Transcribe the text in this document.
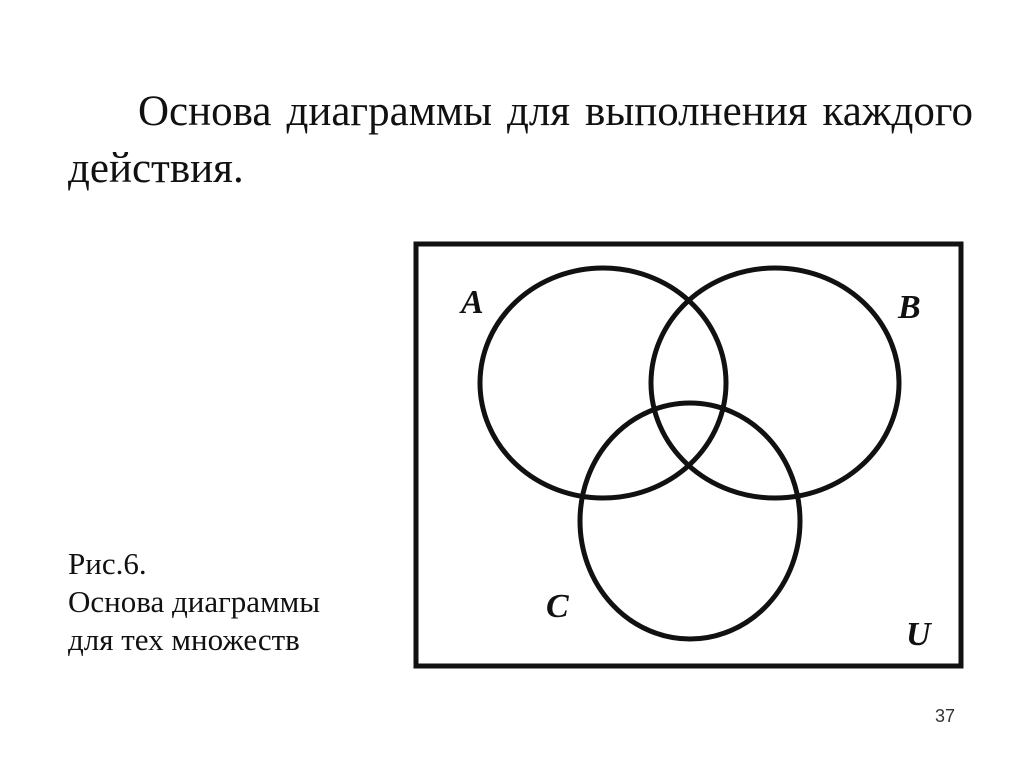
Основа диаграммы для выполнения каждого действия.
Рис.6.
Основа диаграммы
для тех множеств
A	B
C
U
37
